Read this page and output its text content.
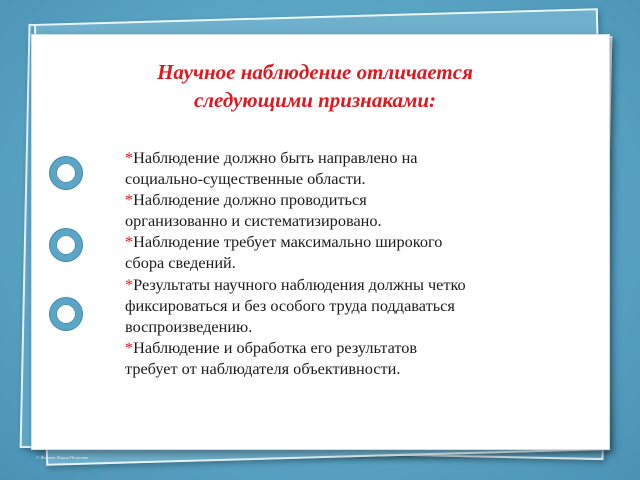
Научное наблюдение отличается
следующими признаками:
*Наблюдение должно быть направлено на
социально-существенные области.
*Наблюдение должно проводиться
организованно и систематизировано.
*Наблюдение требует максимально широкого
сбора сведений.
*Результаты научного наблюдения должны четко
фиксироваться и без особого труда поддаваться
воспроизведению.
*Наблюдение и обработка его результатов
требует от наблюдателя объективности.
© Фокина Лидия Петровна
